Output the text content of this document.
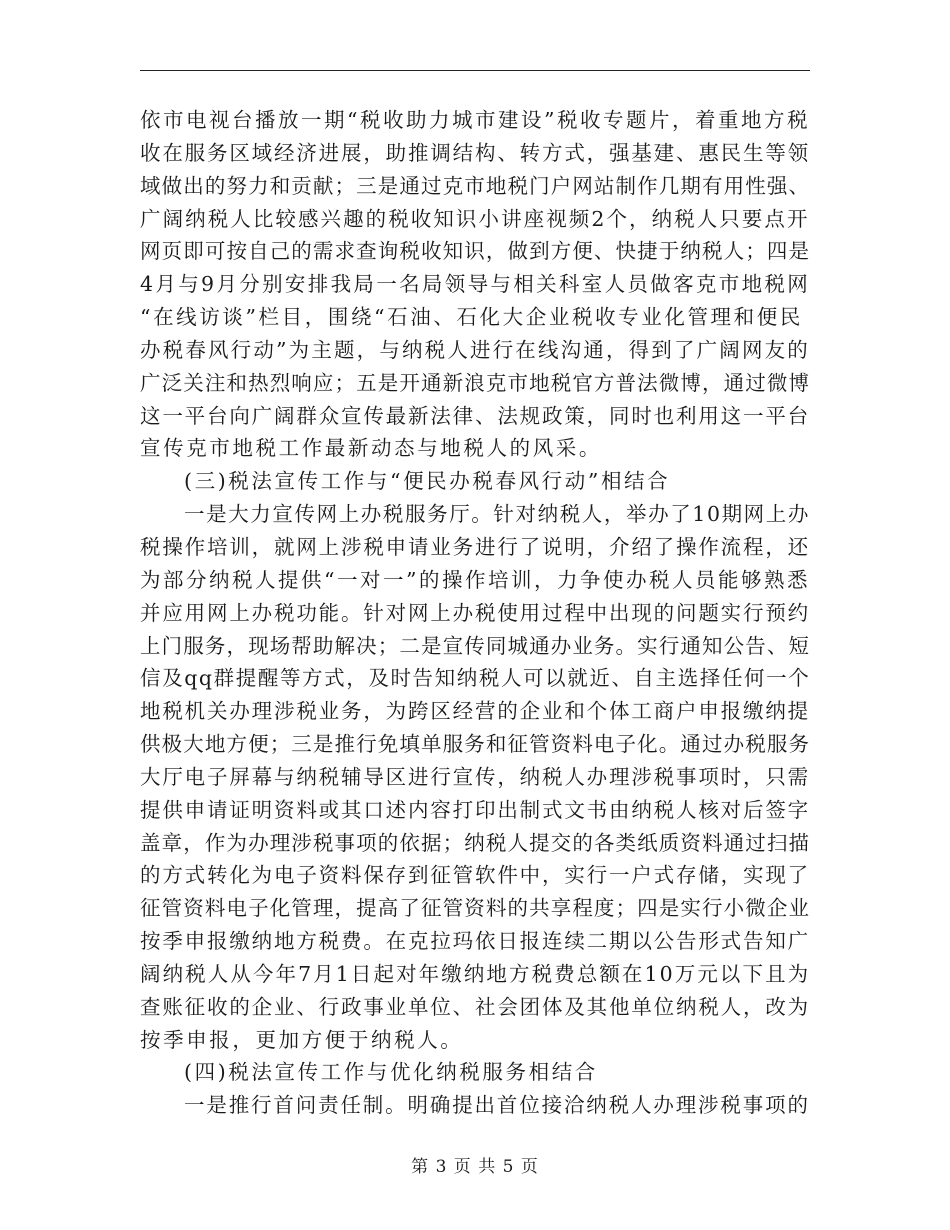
依市电视台播放一期“税收助力城市建设”税收专题片，着重地方税
收在服务区域经济进展，助推调结构、转方式，强基建、惠民生等领
域做出的努力和贡献；三是通过克市地税门户网站制作几期有用性强、
广阔纳税人比较感兴趣的税收知识小讲座视频2个，纳税人只要点开
网页即可按自己的需求查询税收知识，做到方便、快捷于纳税人；四是
4月与9月分别安排我局一名局领导与相关科室人员做客克市地税网
“在线访谈”栏目，围绕“石油、石化大企业税收专业化管理和便民
办税春风行动”为主题，与纳税人进行在线沟通，得到了广阔网友的
广泛关注和热烈响应；五是开通新浪克市地税官方普法微博，通过微博
这一平台向广阔群众宣传最新法律、法规政策，同时也利用这一平台
宣传克市地税工作最新动态与地税人的风采。
(三)税法宣传工作与“便民办税春风行动”相结合
一是大力宣传网上办税服务厅。针对纳税人，举办了10期网上办
税操作培训，就网上涉税申请业务进行了说明，介绍了操作流程，还
为部分纳税人提供“一对一”的操作培训，力争使办税人员能够熟悉
并应用网上办税功能。针对网上办税使用过程中出现的问题实行预约
上门服务，现场帮助解决；二是宣传同城通办业务。实行通知公告、短
信及qq群提醒等方式，及时告知纳税人可以就近、自主选择任何一个
地税机关办理涉税业务，为跨区经营的企业和个体工商户申报缴纳提
供极大地方便；三是推行免填单服务和征管资料电子化。通过办税服务
大厅电子屏幕与纳税辅导区进行宣传，纳税人办理涉税事项时，只需
提供申请证明资料或其口述内容打印出制式文书由纳税人核对后签字
盖章，作为办理涉税事项的依据；纳税人提交的各类纸质资料通过扫描
的方式转化为电子资料保存到征管软件中，实行一户式存储，实现了
征管资料电子化管理，提高了征管资料的共享程度；四是实行小微企业
按季申报缴纳地方税费。在克拉玛依日报连续二期以公告形式告知广
阔纳税人从今年7月1日起对年缴纳地方税费总额在10万元以下且为
查账征收的企业、行政事业单位、社会团体及其他单位纳税人，改为
按季申报，更加方便于纳税人。
(四)税法宣传工作与优化纳税服务相结合
一是推行首问责任制。明确提出首位接洽纳税人办理涉税事项的
第 3 页 共 5 页
